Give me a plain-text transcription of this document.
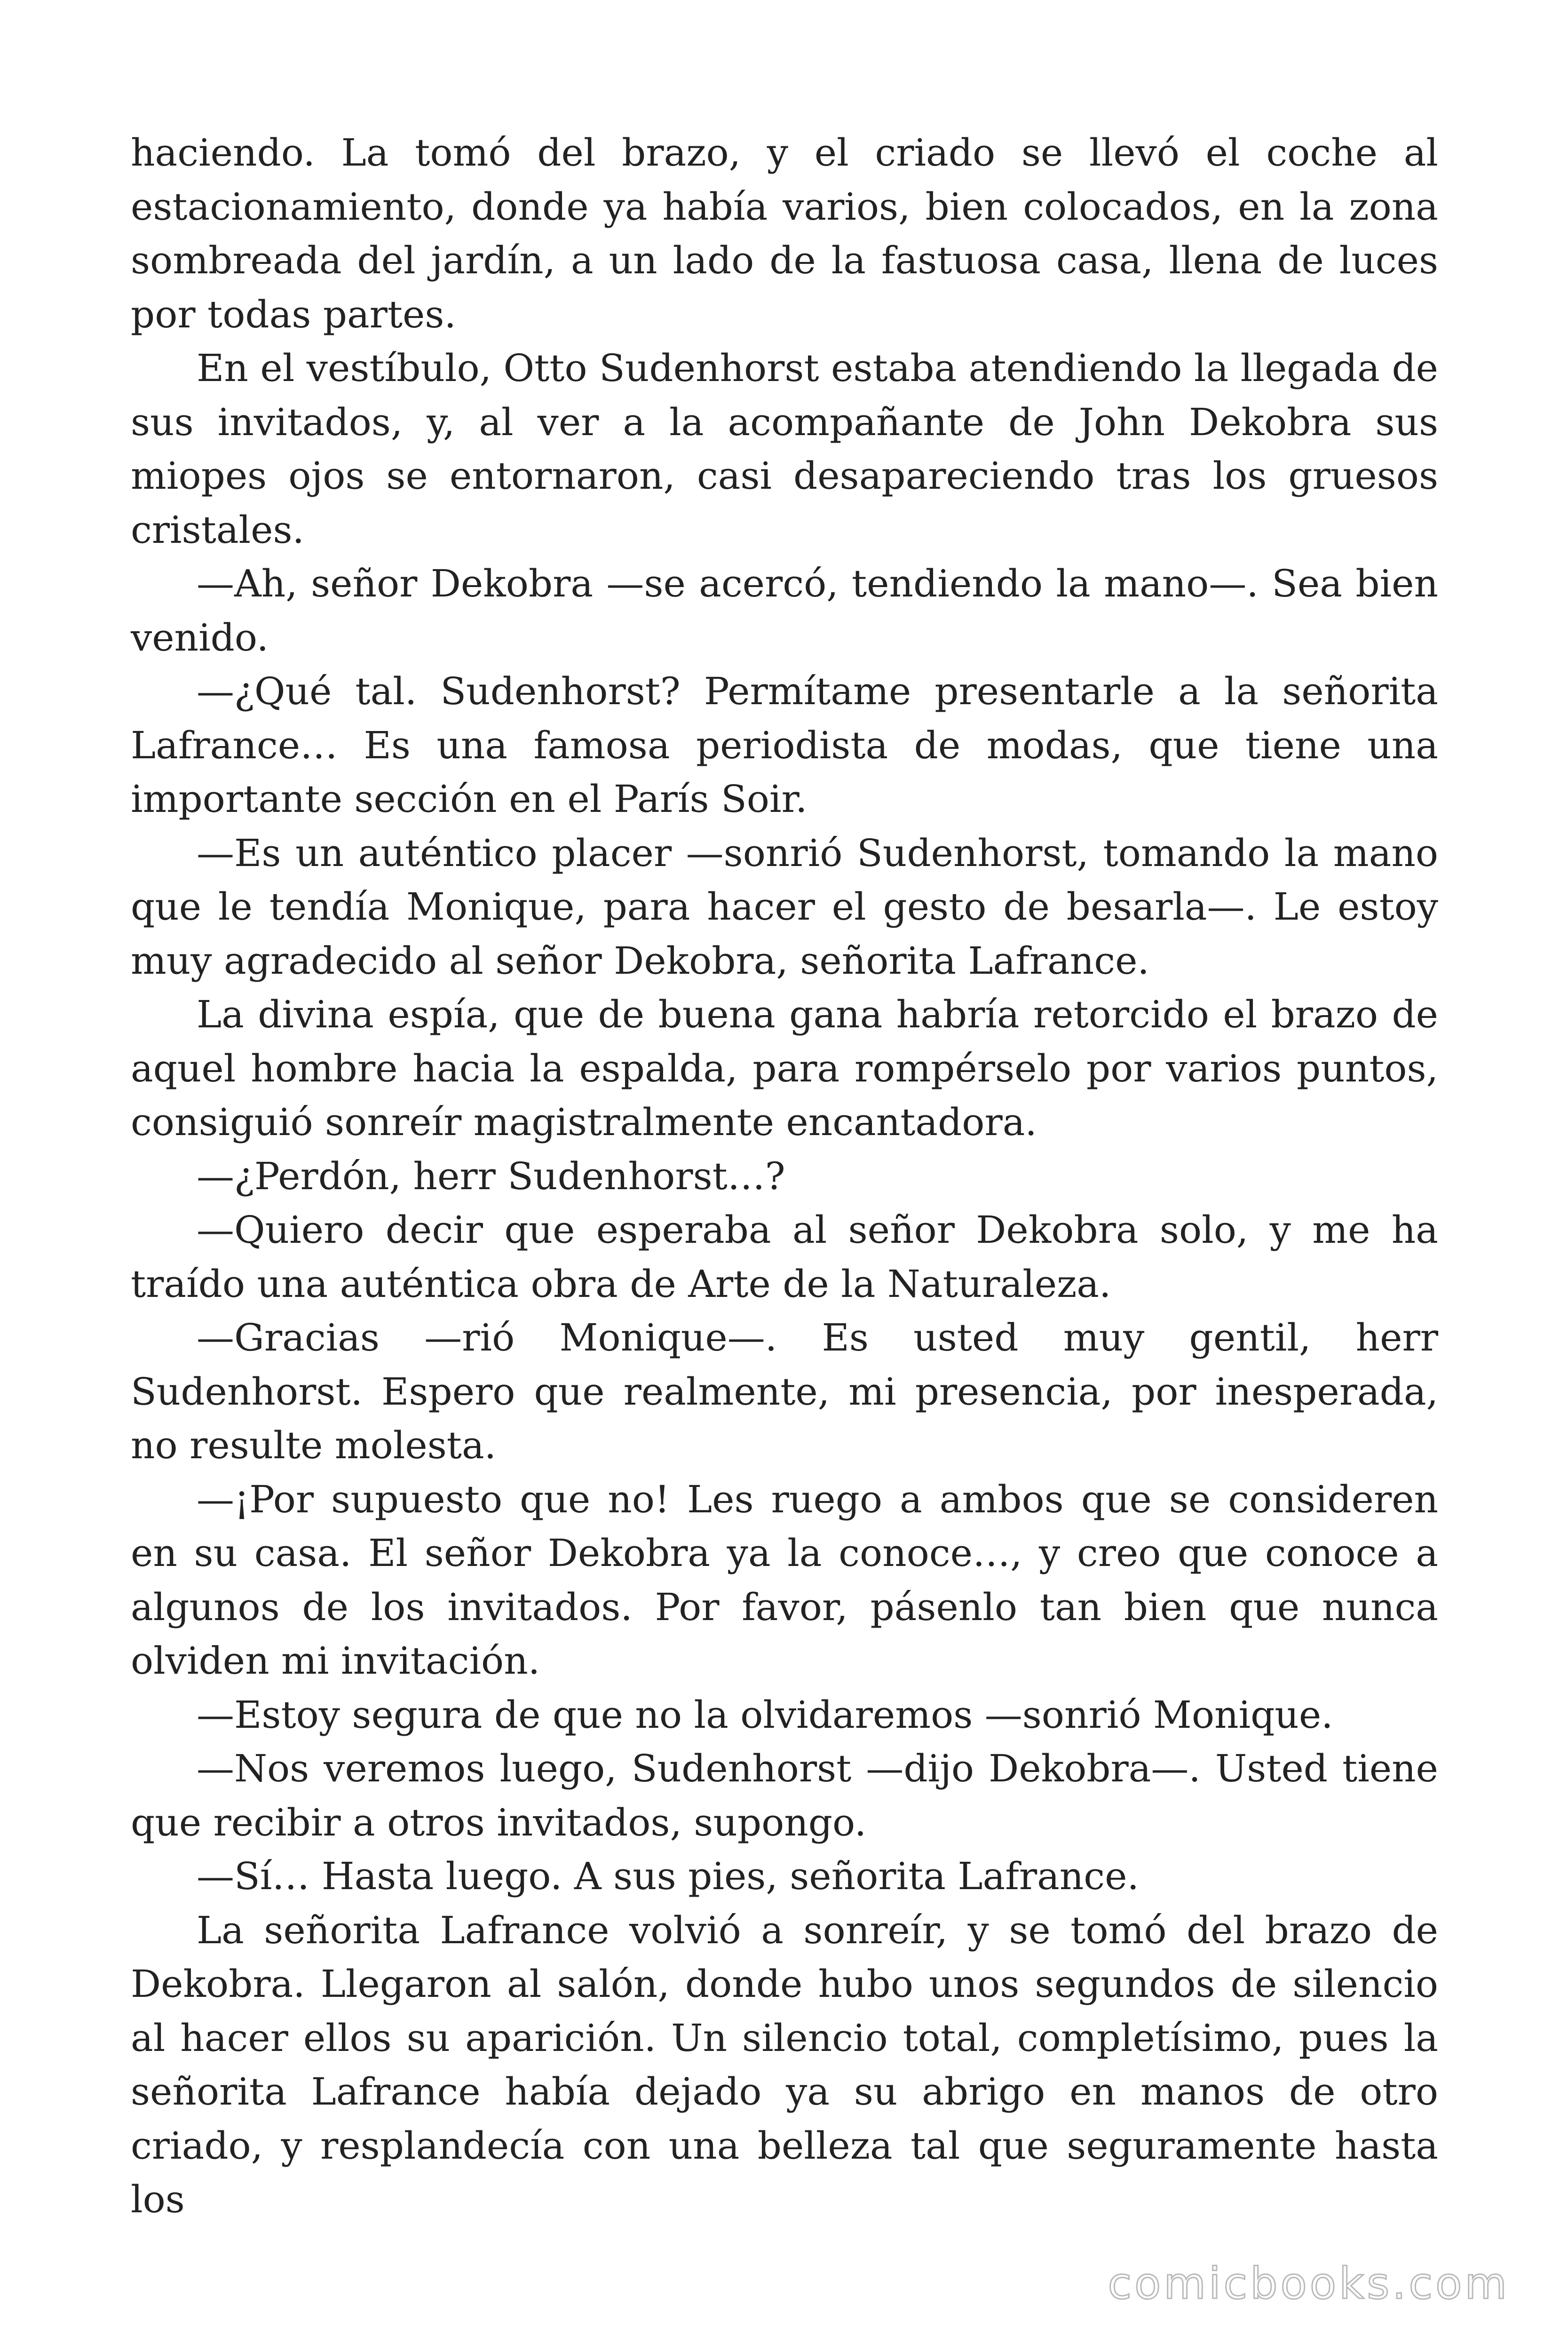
haciendo. La tomó del brazo, y el criado se llevó el coche al estacionamiento, donde ya había varios, bien colocados, en la zona sombreada del jardín, a un lado de la fastuosa casa, llena de luces por todas partes.

En el vestíbulo, Otto Sudenhorst estaba atendiendo la llegada de sus invitados, y, al ver a la acompañante de John Dekobra sus miopes ojos se entornaron, casi desapareciendo tras los gruesos cristales.

—Ah, señor Dekobra —se acercó, tendiendo la mano—. Sea bien venido.

—¿Qué tal. Sudenhorst? Permítame presentarle a la señorita Lafrance… Es una famosa periodista de modas, que tiene una importante sección en el París Soir.

—Es un auténtico placer —sonrió Sudenhorst, tomando la mano que le tendía Monique, para hacer el gesto de besarla—. Le estoy muy agradecido al señor Dekobra, señorita Lafrance.

La divina espía, que de buena gana habría retorcido el brazo de aquel hombre hacia la espalda, para rompérselo por varios puntos, consiguió sonreír magistralmente encantadora.

—¿Perdón, herr Sudenhorst…?

—Quiero decir que esperaba al señor Dekobra solo, y me ha traído una auténtica obra de Arte de la Naturaleza.

—Gracias —rió Monique—. Es usted muy gentil, herr Sudenhorst. Espero que realmente, mi presencia, por inesperada, no resulte molesta.

—¡Por supuesto que no! Les ruego a ambos que se consideren en su casa. El señor Dekobra ya la conoce…, y creo que conoce a algunos de los invitados. Por favor, pásenlo tan bien que nunca olviden mi invitación.

—Estoy segura de que no la olvidaremos —sonrió Monique.

—Nos veremos luego, Sudenhorst —dijo Dekobra—. Usted tiene que recibir a otros invitados, supongo.

—Sí… Hasta luego. A sus pies, señorita Lafrance.

La señorita Lafrance volvió a sonreír, y se tomó del brazo de Dekobra. Llegaron al salón, donde hubo unos segundos de silencio al hacer ellos su aparición. Un silencio total, completísimo, pues la señorita Lafrance había dejado ya su abrigo en manos de otro criado, y resplandecía con una belleza tal que seguramente hasta los

comicbooks.com
